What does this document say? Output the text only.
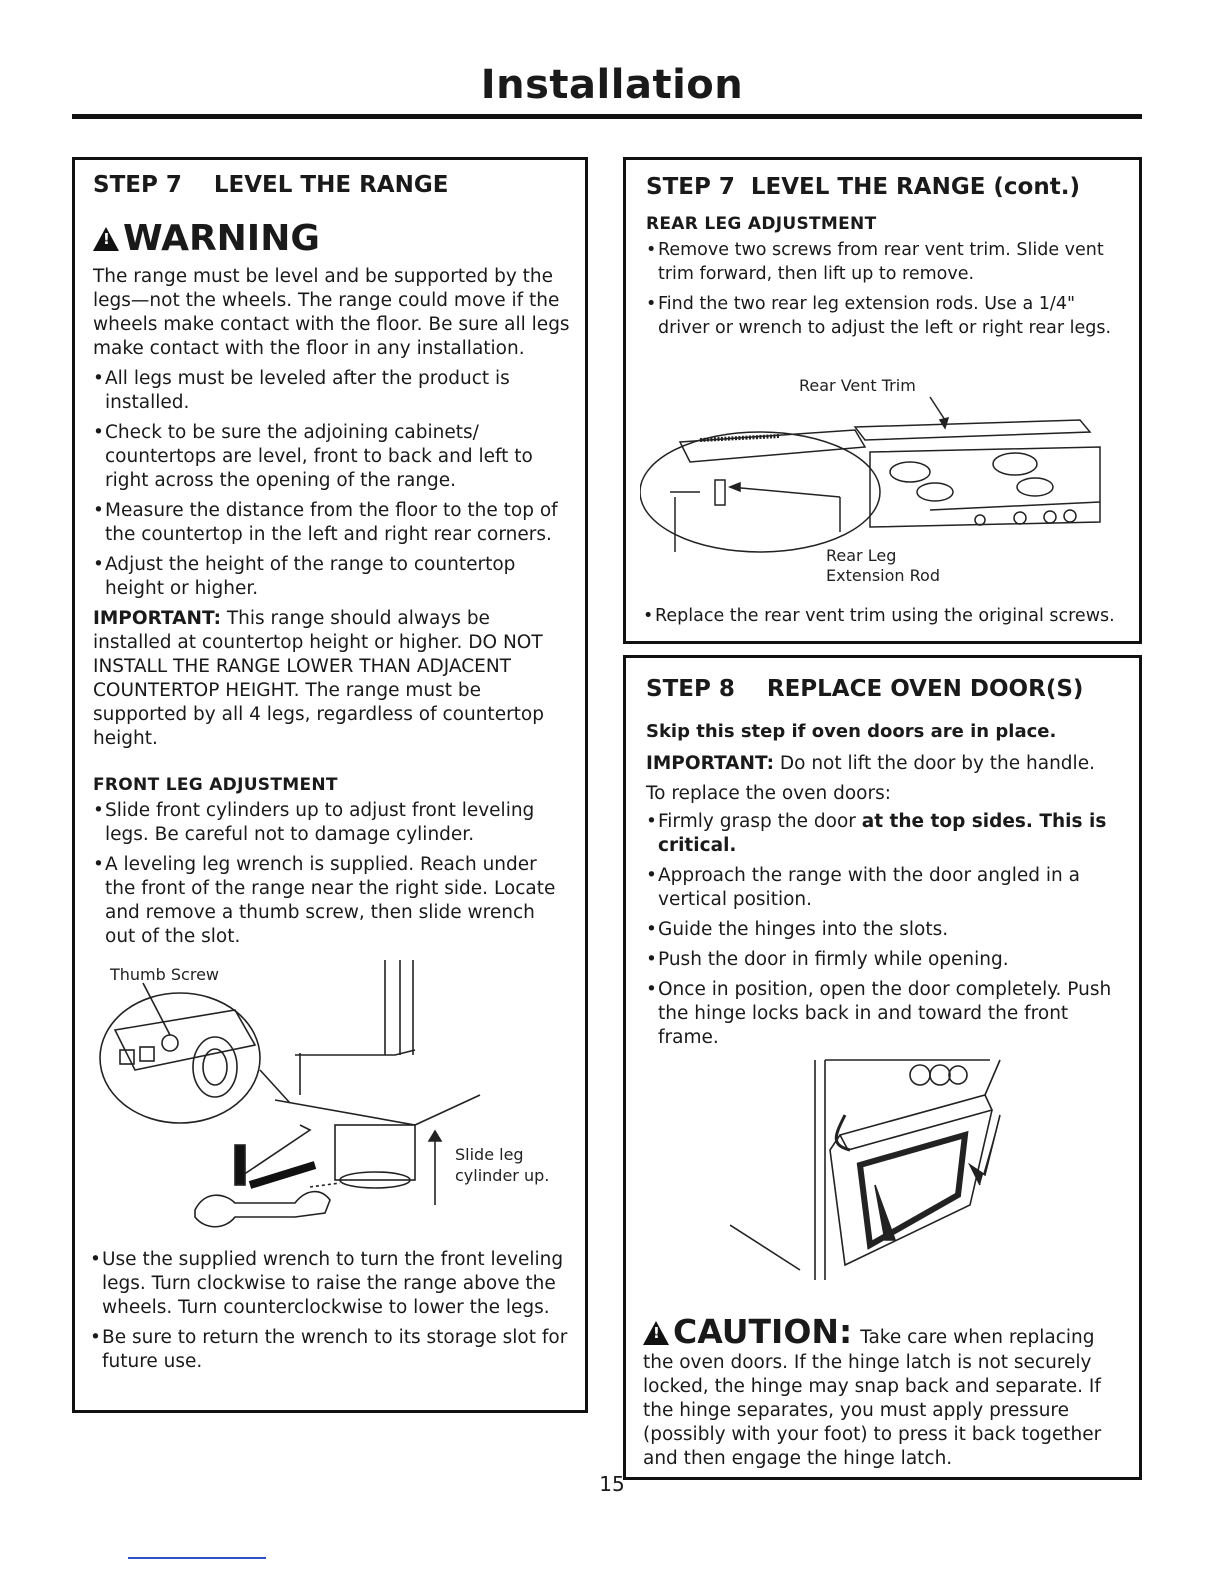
Installation
STEP 7 LEVEL THE RANGE
!
WARNING

The range must be level and be supported by the legs—not the wheels. The range could move if the wheels make contact with the floor. Be sure all legs make contact with the floor in any installation.

• All legs must be leveled after the product is installed.
• Check to be sure the adjoining cabinets/ countertops are level, front to back and left to right across the opening of the range.
• Measure the distance from the floor to the top of the countertop in the left and right rear corners.
• Adjust the height of the range to countertop height or higher.

IMPORTANT: This range should always be installed at countertop height or higher. DO NOT INSTALL THE RANGE LOWER THAN ADJACENT COUNTERTOP HEIGHT. The range must be supported by all 4 legs, regardless of countertop height.

FRONT LEG ADJUSTMENT
• Slide front cylinders up to adjust front leveling legs. Be careful not to damage cylinder.
• A leveling leg wrench is supplied. Reach under the front of the range near the right side. Locate and remove a thumb screw, then slide wrench out of the slot.
Thumb Screw
Slide leg
cylinder up.
• Use the supplied wrench to turn the front leveling legs. Turn clockwise to raise the range above the wheels. Turn counterclockwise to lower the legs.
• Be sure to return the wrench to its storage slot for future use.
STEP 7 LEVEL THE RANGE (cont.)
REAR LEG ADJUSTMENT
• Remove two screws from rear vent trim. Slide vent trim forward, then lift up to remove.
• Find the two rear leg extension rods. Use a 1/4" driver or wrench to adjust the left or right rear legs.
Rear Vent Trim
Rear Leg
Extension Rod
• Replace the rear vent trim using the original screws.
STEP 8 REPLACE OVEN DOOR(S)

Skip this step if oven doors are in place.

IMPORTANT: Do not lift the door by the handle.

To replace the oven doors:

• Firmly grasp the door at the top sides. This is critical.
• Approach the range with the door angled in a vertical position.
• Guide the hinges into the slots.
• Push the door in firmly while opening.
• Once in position, open the door completely. Push the hinge locks back in and toward the front frame.
!
CAUTION: Take care when replacing

the oven doors. If the hinge latch is not securely locked, the hinge may snap back and separate. If the hinge separates, you must apply pressure (possibly with your foot) to press it back together and then engage the hinge latch.

15
